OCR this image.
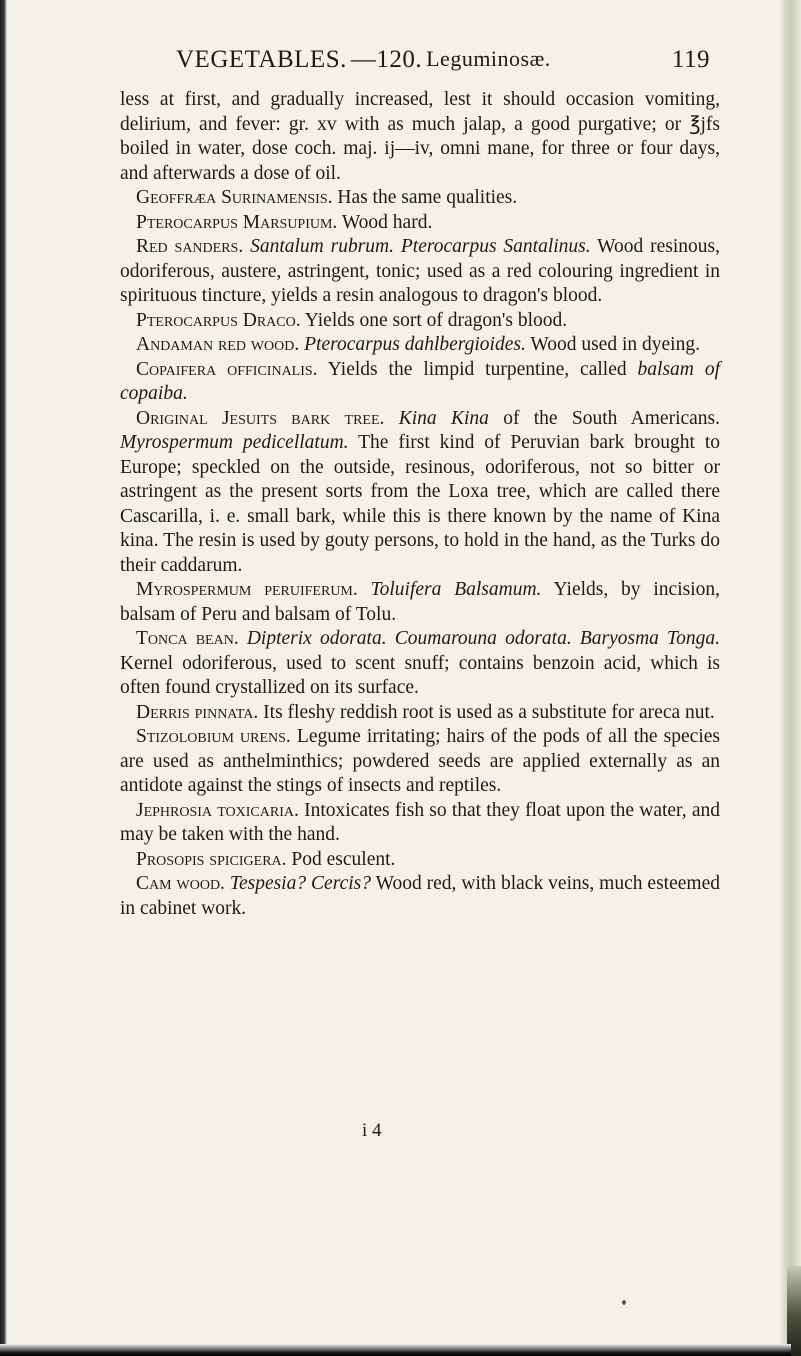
VEGETABLES. —120. Leguminosæ.	119

less at first, and gradually increased, lest it should occasion vomiting, delirium, and fever: gr. xv with as much jalap, a good purgative; or ℥jfs boiled in water, dose coch. maj. ij—iv, omni mane, for three or four days, and afterwards a dose of oil.

Geoffræa Surinamensis. Has the same qualities.

Pterocarpus Marsupium. Wood hard.

Red sanders. Santalum rubrum. Pterocarpus Santalinus. Wood resinous, odoriferous, austere, astringent, tonic; used as a red colouring ingredient in spirituous tincture, yields a resin analogous to dragon's blood.

Pterocarpus Draco. Yields one sort of dragon's blood.

Andaman red wood. Pterocarpus dahlbergioides. Wood used in dyeing.

Copaifera officinalis. Yields the limpid turpentine, called balsam of copaiba.

Original Jesuits bark tree. Kina Kina of the South Americans. Myrospermum pedicellatum. The first kind of Peruvian bark brought to Europe; speckled on the outside, resinous, odoriferous, not so bitter or astringent as the present sorts from the Loxa tree, which are called there Cascarilla, i. e. small bark, while this is there known by the name of Kina kina. The resin is used by gouty persons, to hold in the hand, as the Turks do their caddarum.

Myrospermum peruiferum. Toluifera Balsamum. Yields, by incision, balsam of Peru and balsam of Tolu.

Tonca bean. Dipterix odorata. Coumarouna odorata. Baryosma Tonga. Kernel odoriferous, used to scent snuff; contains benzoin acid, which is often found crystallized on its surface.

Derris pinnata. Its fleshy reddish root is used as a substitute for areca nut.

Stizolobium urens. Legume irritating; hairs of the pods of all the species are used as anthelminthics; powdered seeds are applied externally as an antidote against the stings of insects and reptiles.

Jephrosia toxicaria. Intoxicates fish so that they float upon the water, and may be taken with the hand.

Prosopis spicigera. Pod esculent.

Cam wood. Tespesia? Cercis? Wood red, with black veins, much esteemed in cabinet work.

i 4
